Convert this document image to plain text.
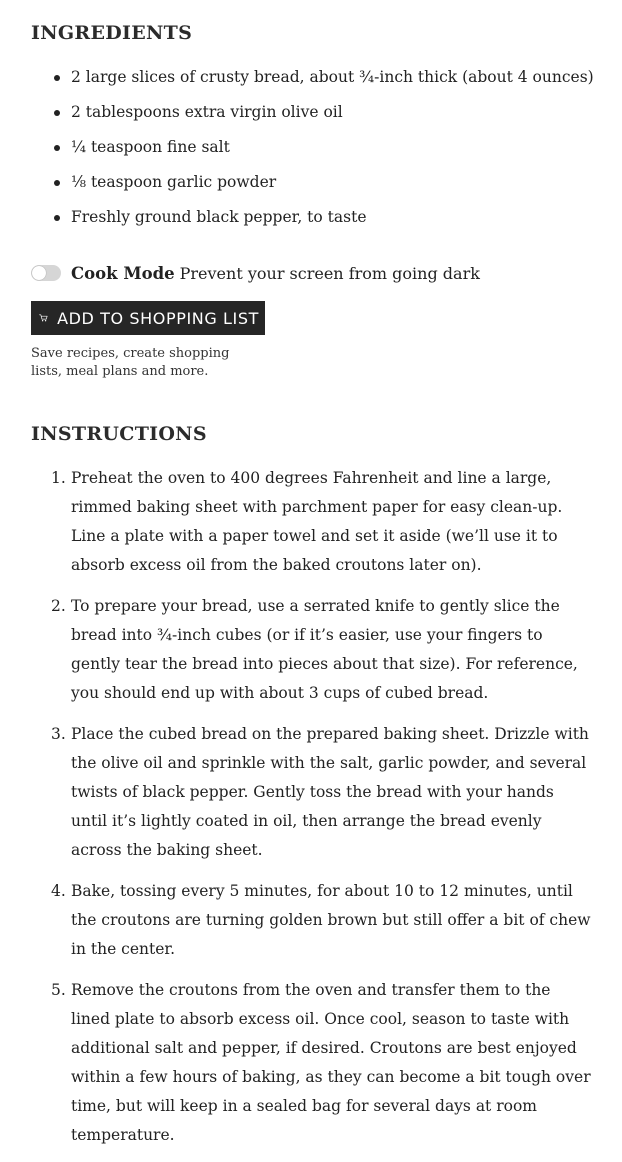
INGREDIENTS
2 large slices of crusty bread, about ¾-inch thick (about 4 ounces)
2 tablespoons extra virgin olive oil
¼ teaspoon fine salt
⅛ teaspoon garlic powder
Freshly ground black pepper, to taste
Cook Mode Prevent your screen from going dark
ADD TO SHOPPING LIST
Save recipes, create shopping lists, meal plans and more.
INSTRUCTIONS
1. Preheat the oven to 400 degrees Fahrenheit and line a large, rimmed baking sheet with parchment paper for easy clean-up. Line a plate with a paper towel and set it aside (we’ll use it to absorb excess oil from the baked croutons later on).
2. To prepare your bread, use a serrated knife to gently slice the bread into ¾-inch cubes (or if it’s easier, use your fingers to gently tear the bread into pieces about that size). For reference, you should end up with about 3 cups of cubed bread.
3. Place the cubed bread on the prepared baking sheet. Drizzle with the olive oil and sprinkle with the salt, garlic powder, and several twists of black pepper. Gently toss the bread with your hands until it’s lightly coated in oil, then arrange the bread evenly across the baking sheet.
4. Bake, tossing every 5 minutes, for about 10 to 12 minutes, until the croutons are turning golden brown but still offer a bit of chew in the center.
5. Remove the croutons from the oven and transfer them to the lined plate to absorb excess oil. Once cool, season to taste with additional salt and pepper, if desired. Croutons are best enjoyed within a few hours of baking, as they can become a bit tough over time, but will keep in a sealed bag for several days at room temperature.
